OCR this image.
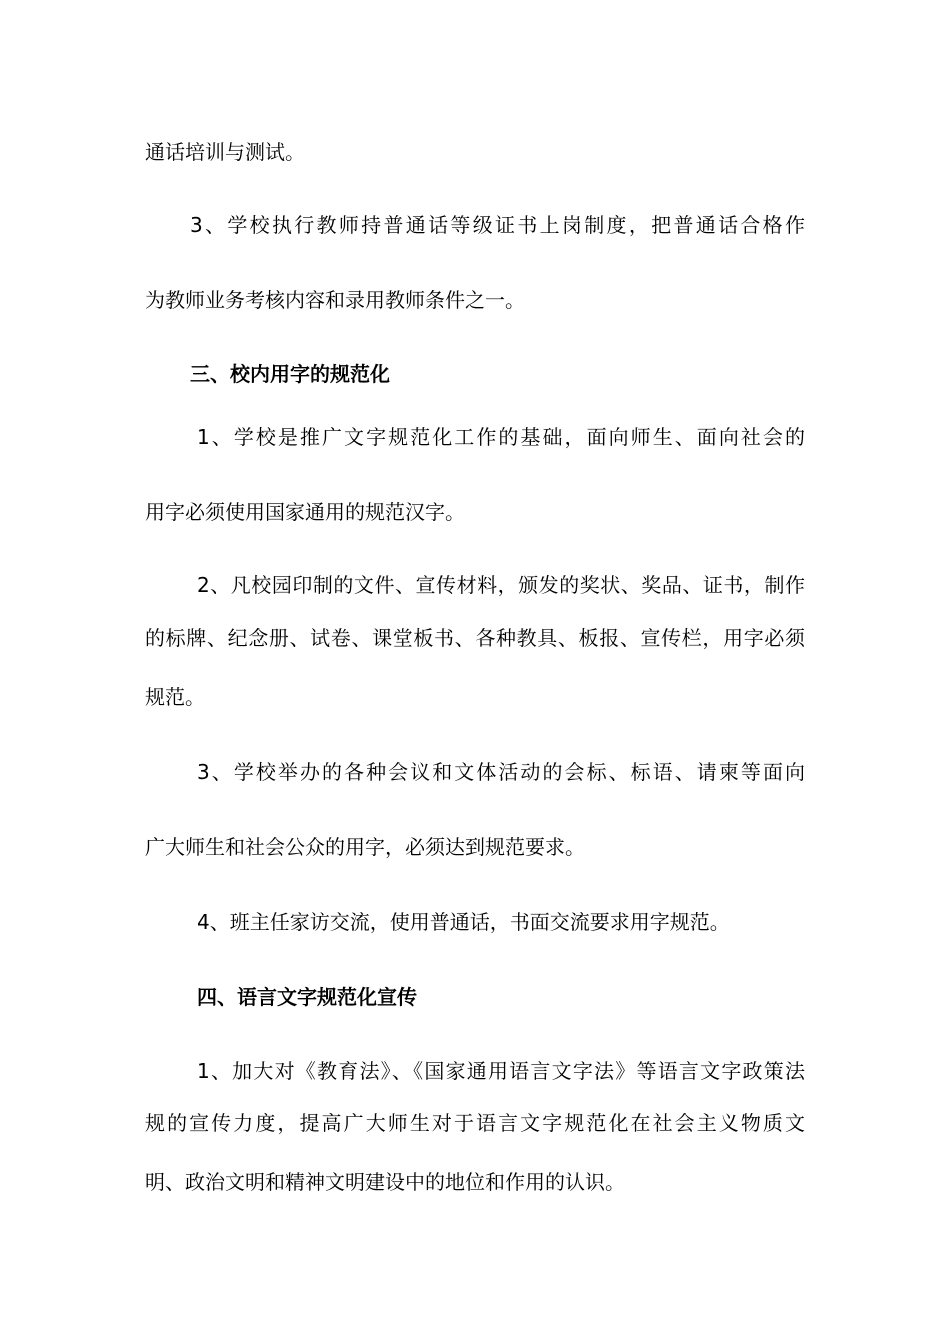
通话培训与测试。
3、学校执行教师持普通话等级证书上岗制度，把普通话合格作
为教师业务考核内容和录用教师条件之一。
三、校内用字的规范化
1、学校是推广文字规范化工作的基础，面向师生、面向社会的
用字必须使用国家通用的规范汉字。
2、凡校园印制的文件、宣传材料，颁发的奖状、奖品、证书，制作
的标牌、纪念册、试卷、课堂板书、各种教具、板报、宣传栏，用字必须
规范。
3、学校举办的各种会议和文体活动的会标、标语、请柬等面向
广大师生和社会公众的用字，必须达到规范要求。
4、班主任家访交流，使用普通话，书面交流要求用字规范。
四、语言文字规范化宣传
1、加大对《教育法》、《国家通用语言文字法》等语言文字政策法
规的宣传力度，提高广大师生对于语言文字规范化在社会主义物质文
明、政治文明和精神文明建设中的地位和作用的认识。
